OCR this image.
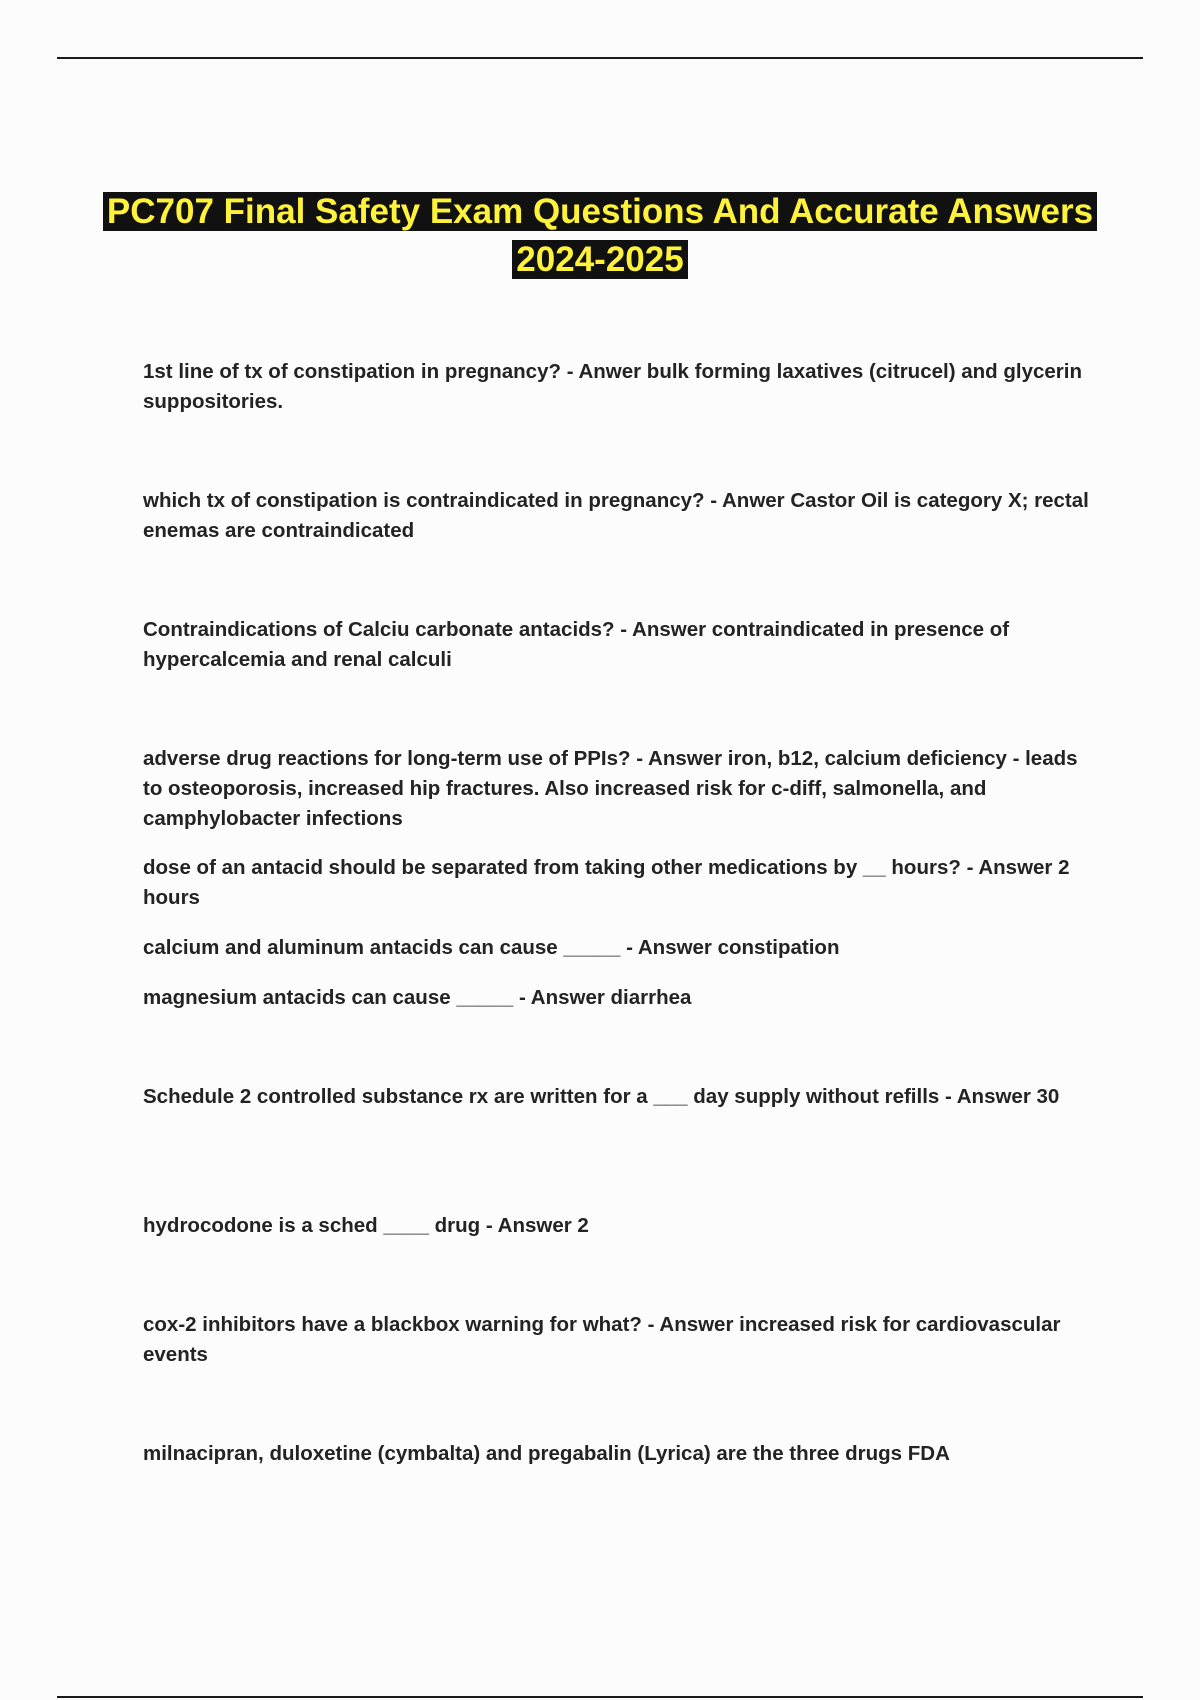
PC707 Final Safety Exam Questions And Accurate Answers 2024-2025

1st line of tx of constipation in pregnancy? - Anwer bulk forming laxatives (citrucel) and glycerin suppositories.

which tx of constipation is contraindicated in pregnancy? - Anwer Castor Oil is category X; rectal enemas are contraindicated

Contraindications of Calciu carbonate antacids? - Answer contraindicated in presence of hypercalcemia and renal calculi

adverse drug reactions for long-term use of PPIs? - Answer iron, b12, calcium deficiency - leads to osteoporosis, increased hip fractures. Also increased risk for c-diff, salmonella, and camphylobacter infections

dose of an antacid should be separated from taking other medications by __ hours? - Answer 2 hours

calcium and aluminum antacids can cause _____ - Answer constipation

magnesium antacids can cause _____ - Answer diarrhea

Schedule 2 controlled substance rx are written for a ___ day supply without refills - Answer 30

hydrocodone is a sched ____ drug - Answer 2

cox-2 inhibitors have a blackbox warning for what? - Answer increased risk for cardiovascular events

milnacipran, duloxetine (cymbalta) and pregabalin (Lyrica) are the three drugs FDA
